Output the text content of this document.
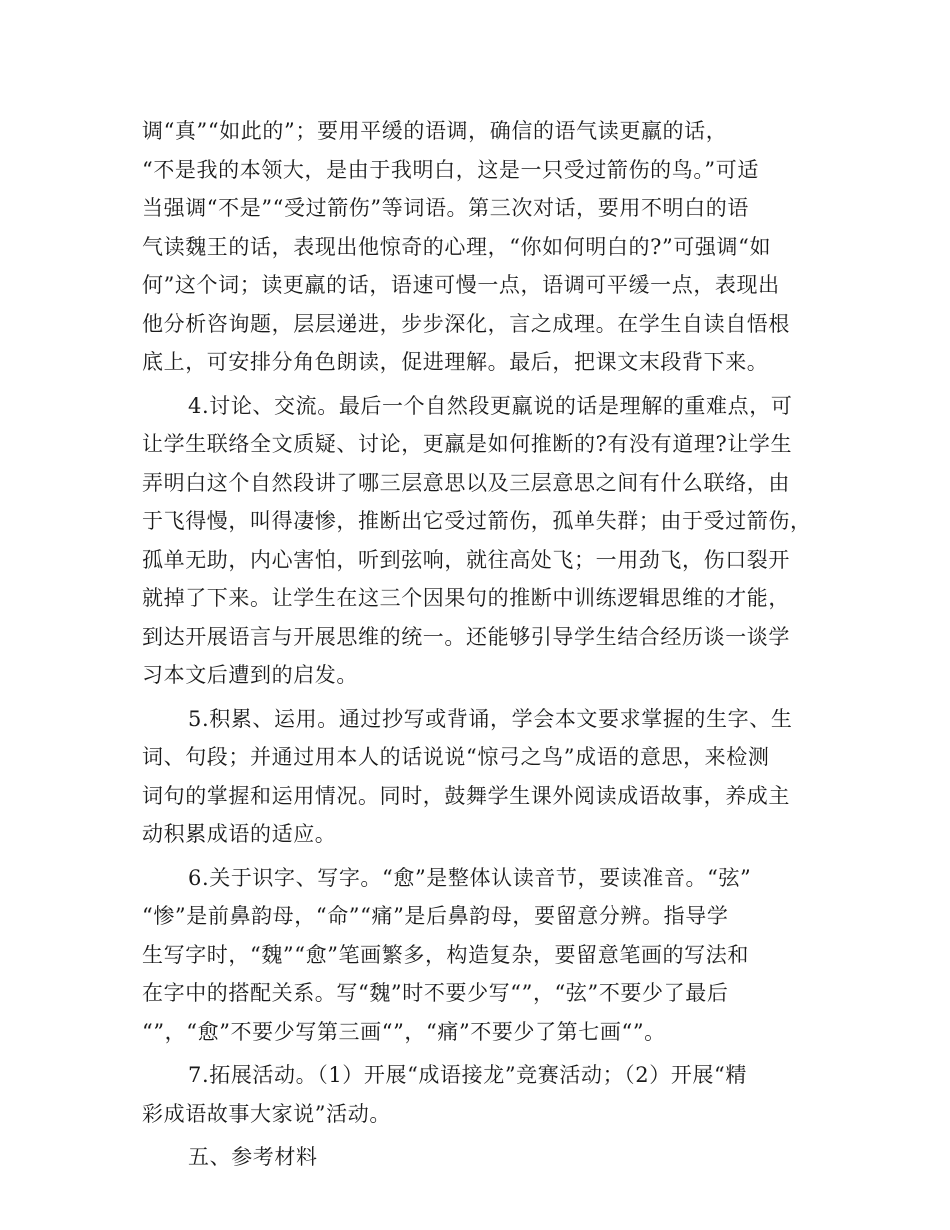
调“真”“如此的”；要用平缓的语调，确信的语气读更羸的话，
“不是我的本领大，是由于我明白，这是一只受过箭伤的鸟。”可适
当强调“不是”“受过箭伤”等词语。第三次对话，要用不明白的语
气读魏王的话，表现出他惊奇的心理，“你如何明白的?”可强调“如
何”这个词；读更羸的话，语速可慢一点，语调可平缓一点，表现出
他分析咨询题，层层递进，步步深化，言之成理。在学生自读自悟根
底上，可安排分角色朗读，促进理解。最后，把课文末段背下来。
4.讨论、交流。最后一个自然段更羸说的话是理解的重难点，可
让学生联络全文质疑、讨论，更羸是如何推断的?有没有道理?让学生
弄明白这个自然段讲了哪三层意思以及三层意思之间有什么联络，由
于飞得慢，叫得凄惨，推断出它受过箭伤，孤单失群；由于受过箭伤，
孤单无助，内心害怕，听到弦响，就往高处飞；一用劲飞，伤口裂开
就掉了下来。让学生在这三个因果句的推断中训练逻辑思维的才能，
到达开展语言与开展思维的统一。还能够引导学生结合经历谈一谈学
习本文后遭到的启发。
5.积累、运用。通过抄写或背诵，学会本文要求掌握的生字、生
词、句段；并通过用本人的话说说“惊弓之鸟”成语的意思，来检测
词句的掌握和运用情况。同时，鼓舞学生课外阅读成语故事，养成主
动积累成语的适应。
6.关于识字、写字。“愈”是整体认读音节，要读准音。“弦”
“惨”是前鼻韵母，“命”“痛”是后鼻韵母，要留意分辨。指导学
生写字时，“魏”“愈”笔画繁多，构造复杂，要留意笔画的写法和
在字中的搭配关系。写“魏”时不要少写“”，“弦”不要少了最后
“”，“愈”不要少写第三画“”，“痛”不要少了第七画“”。
7.拓展活动。（1）开展“成语接龙”竞赛活动；（2）开展“精
彩成语故事大家说”活动。
五、参考材料
